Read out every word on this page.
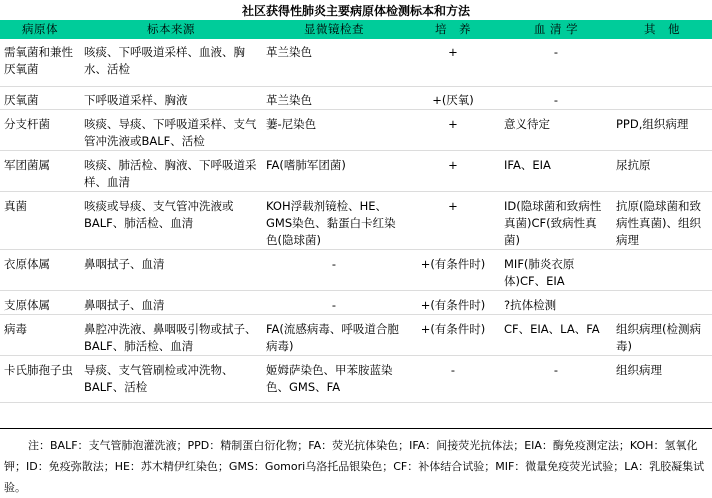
社区获得性肺炎主要病原体检测标本和方法
病原体	标本来源	显微镜检查	培　养	血 清 学	其　他
需氧菌和兼性厌氧菌	咳痰、下呼吸道采样、血液、胸水、活检	革兰染色	+	-	
厌氧菌	下呼吸道采样、胸液	革兰染色	+(厌氧)	-	
分支杆菌	咳痰、导痰、下呼吸道采样、支气管冲洗液或BALF、活检	萋-尼染色	+	意义待定	PPD,组织病理
军团菌属	咳痰、肺活检、胸液、下呼吸道采样、血清	FA(嗜肺军团菌)	+	IFA、EIA	尿抗原
真菌	咳痰或导痰、支气管冲洗液或BALF、肺活检、血清	KOH浮载剂镜检、HE、GMS染色、黏蛋白卡红染色(隐球菌)	+	ID(隐球菌和致病性真菌)CF(致病性真菌)	抗原(隐球菌和致病性真菌)、组织病理
衣原体属	鼻咽拭子、血清	-	+(有条件时)	MIF(肺炎衣原体)CF、EIA	
支原体属	鼻咽拭子、血清	-	+(有条件时)	?抗体检测	
病毒	鼻腔冲洗液、鼻咽吸引物或拭子、BALF、肺活检、血清	FA(流感病毒、呼吸道合胞病毒)	+(有条件时)	CF、EIA、LA、FA	组织病理(检测病毒)
卡氏肺孢子虫	导痰、支气管刷检或冲洗物、BALF、活检	姬姆萨染色、甲苯胺蓝染色、GMS、FA	-	-	组织病理
注：BALF：支气管肺泡灌洗液；PPD：精制蛋白衍化物；FA：荧光抗体染色；IFA：间接荧光抗体法；EIA：酶免疫测定法；KOH：氢氧化钾；ID：免疫弥散法；HE：苏木精伊红染色；GMS：Gomori乌洛托品银染色；CF：补体结合试验；MIF：微量免疫荧光试验；LA：乳胶凝集试验。
